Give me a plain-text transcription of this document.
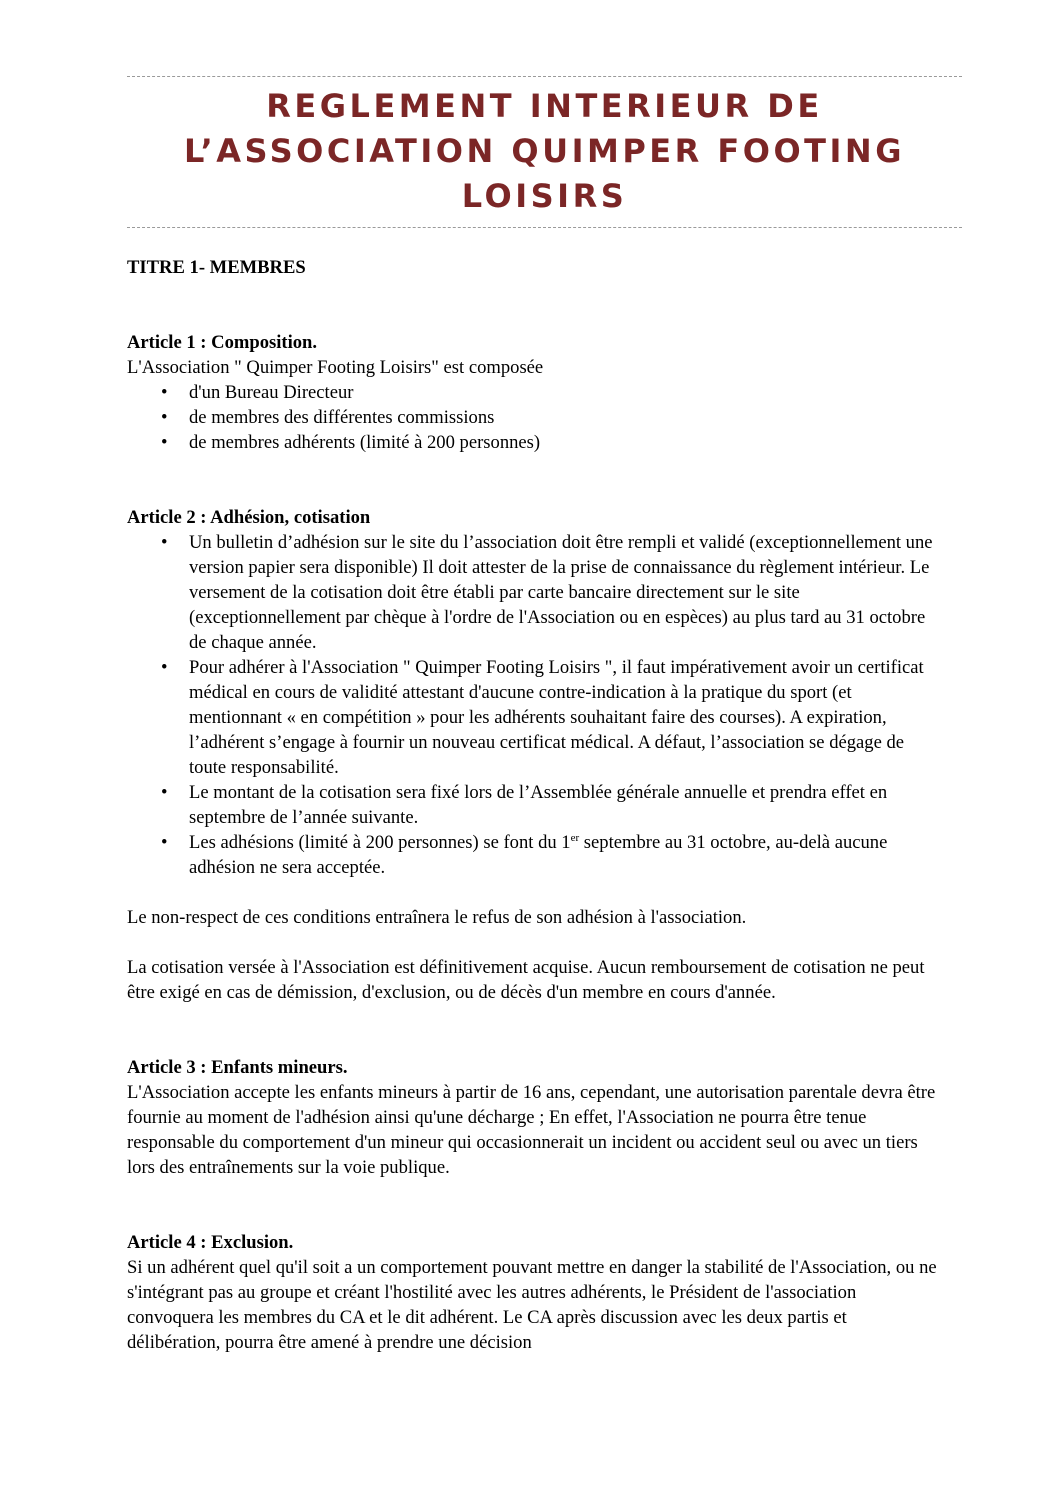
REGLEMENT INTERIEUR DE
L’ASSOCIATION QUIMPER FOOTING
LOISIRS

TITRE 1- MEMBRES

Article 1 : Composition.

L'Association " Quimper Footing Loisirs" est composée

• d'un Bureau Directeur
• de membres des différentes commissions
• de membres adhérents (limité à 200 personnes)

Article 2 : Adhésion, cotisation

• Un bulletin d’adhésion sur le site du l’association doit être rempli et validé (exceptionnellement une version papier sera disponible) Il doit attester de la prise de connaissance du règlement intérieur. Le versement de la cotisation doit être établi par carte bancaire directement sur le site (exceptionnellement par chèque à l'ordre de l'Association ou en espèces) au plus tard au 31 octobre de chaque année.
• Pour adhérer à l'Association " Quimper Footing Loisirs ", il faut impérativement avoir un certificat médical en cours de validité attestant d'aucune contre-indication à la pratique du sport (et mentionnant « en compétition » pour les adhérents souhaitant faire des courses). A expiration, l’adhérent s’engage à fournir un nouveau certificat médical. A défaut, l’association se dégage de toute responsabilité.
• Le montant de la cotisation sera fixé lors de l’Assemblée générale annuelle et prendra effet en septembre de l’année suivante.
• Les adhésions (limité à 200 personnes) se font du 1er septembre au 31 octobre, au-delà aucune adhésion ne sera acceptée.

Le non-respect de ces conditions entraînera le refus de son adhésion à l'association.

La cotisation versée à l'Association est définitivement acquise. Aucun remboursement de cotisation ne peut être exigé en cas de démission, d'exclusion, ou de décès d'un membre en cours d'année.

Article 3 : Enfants mineurs.

L'Association accepte les enfants mineurs à partir de 16 ans, cependant, une autorisation parentale devra être fournie au moment de l'adhésion ainsi qu'une décharge ; En effet, l'Association ne pourra être tenue responsable du comportement d'un mineur qui occasionnerait un incident ou accident seul ou avec un tiers lors des entraînements sur la voie publique.

Article 4 : Exclusion.

Si un adhérent quel qu'il soit a un comportement pouvant mettre en danger la stabilité de l'Association, ou ne s'intégrant pas au groupe et créant l'hostilité avec les autres adhérents, le Président de l'association convoquera les membres du CA et le dit adhérent. Le CA après discussion avec les deux partis et délibération, pourra être amené à prendre une décision
